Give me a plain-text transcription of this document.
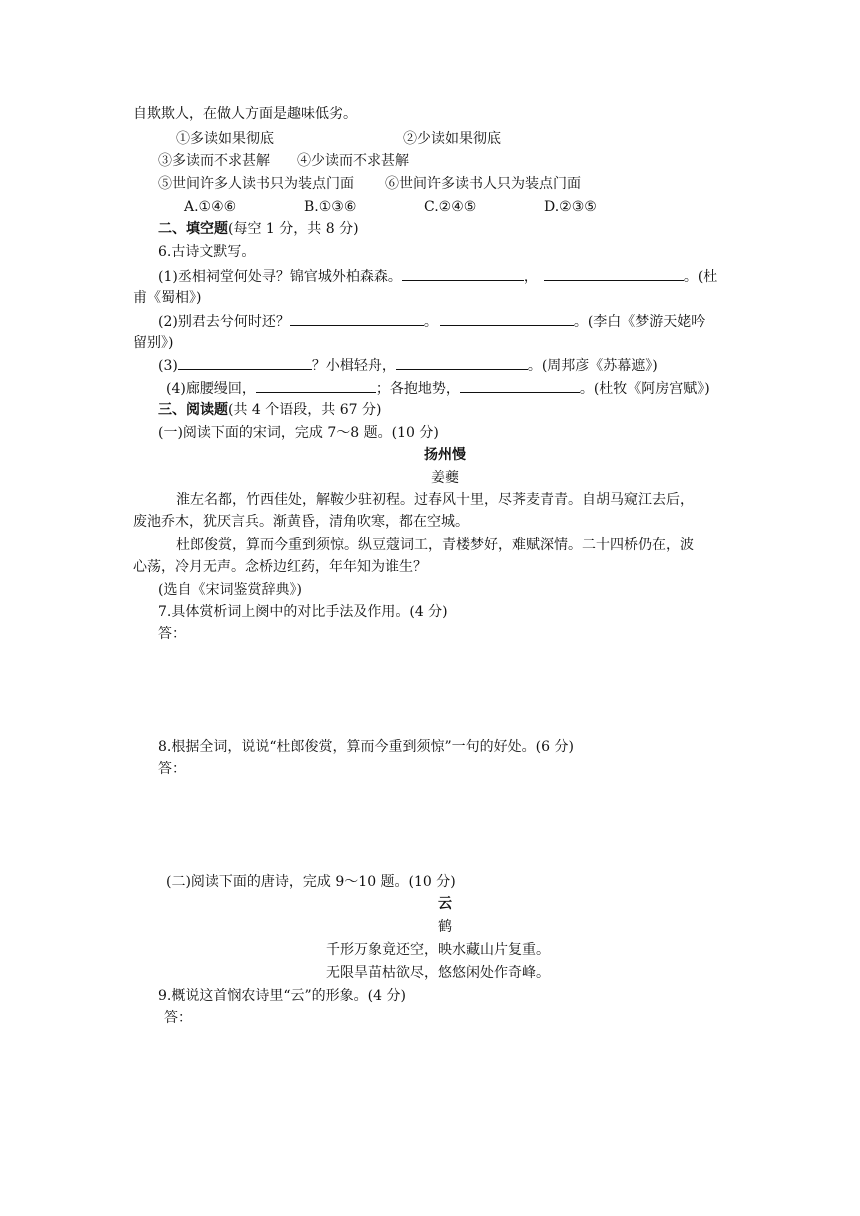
自欺欺人，在做人方面是趣味低劣。
①多读如果彻底	②少读如果彻底
③多读而不求甚解 ④少读而不求甚解
⑤世间许多人读书只为装点门面 ⑥世间许多读书人只为装点门面
A.①④⑥	B.①③⑥	C.②④⑤	D.②③⑤
二、填空题(每空 1 分，共 8 分)
6.古诗文默写。
(1)丞相祠堂何处寻？锦官城外柏森森。	，	。(杜
甫《蜀相》)
(2)别君去兮何时还？	。	。(李白《梦游天姥吟
留别》)
(3)	？小楫轻舟，	。(周邦彦《苏幕遮》)
(4)廊腰缦回，	；各抱地势，	。(杜牧《阿房宫赋》)
三、阅读题(共 4 个语段，共 67 分)
(一)阅读下面的宋词，完成 7～8 题。(10 分)
扬州慢
姜夔
淮左名都，竹西佳处，解鞍少驻初程。过春风十里，尽荠麦青青。自胡马窥江去后，
废池乔木，犹厌言兵。渐黄昏，清角吹寒，都在空城。
杜郎俊赏，算而今重到须惊。纵豆蔻词工，青楼梦好，难赋深情。二十四桥仍在，波
心荡，冷月无声。念桥边红药，年年知为谁生？
(选自《宋词鉴赏辞典》)
7.具体赏析词上阕中的对比手法及作用。(4 分)
答：
8.根据全词，说说“杜郎俊赏，算而今重到须惊”一句的好处。(6 分)
答：
(二)阅读下面的唐诗，完成 9～10 题。(10 分)
云
鹤
千形万象竟还空，映水藏山片复重。
无限旱苗枯欲尽，悠悠闲处作奇峰。
9.概说这首悯农诗里“云”的形象。(4 分)
答：
